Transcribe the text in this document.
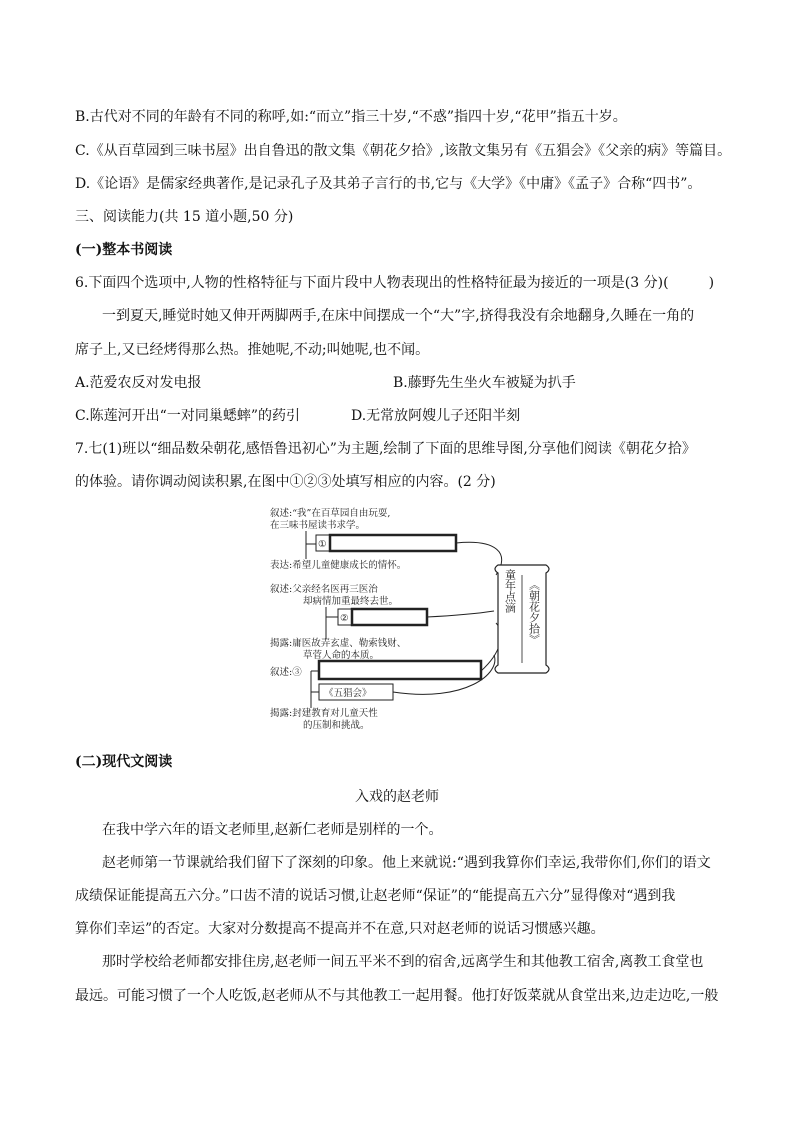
B.古代对不同的年龄有不同的称呼,如:“而立”指三十岁,“不惑”指四十岁,“花甲”指五十岁。
C.《从百草园到三味书屋》出自鲁迅的散文集《朝花夕拾》,该散文集另有《五猖会》《父亲的病》等篇目。
D.《论语》是儒家经典著作,是记录孔子及其弟子言行的书,它与《大学》《中庸》《孟子》合称“四书”。
三、阅读能力(共 15 道小题,50 分)
(一)整本书阅读
6.下面四个选项中,人物的性格特征与下面片段中人物表现出的性格特征最为接近的一项是(3 分)(	)
一到夏天,睡觉时她又伸开两脚两手,在床中间摆成一个“大”字,挤得我没有余地翻身,久睡在一角的
席子上,又已经烤得那么热。推她呢,不动;叫她呢,也不闻。
A.范爱农反对发电报	B.藤野先生坐火车被疑为扒手
C.陈莲河开出“一对同巢蟋蟀”的药引	D.无常放阿嫂儿子还阳半刻
7.七(1)班以“细品数朵朝花,感悟鲁迅初心”为主题,绘制了下面的思维导图,分享他们阅读《朝花夕拾》
的体验。请你调动阅读积累,在图中①②③处填写相应的内容。(2 分)
叙述:“我”在百草园自由玩耍,
在三味书屋读书求学。
①
表达:希望儿童健康成长的情怀。
叙述:父亲经名医再三医治
却病情加重最终去世。
②
揭露:庸医故弄玄虚、勒索钱财、
草菅人命的本质。
叙述:③
《五猖会》
揭露:封建教育对儿童天性
的压制和挑战。
童年点滴 《朝花夕拾》
(二)现代文阅读
入戏的赵老师
在我中学六年的语文老师里,赵新仁老师是别样的一个。
赵老师第一节课就给我们留下了深刻的印象。他上来就说:“遇到我算你们幸运,我带你们,你们的语文
成绩保证能提高五六分。”口齿不清的说话习惯,让赵老师“保证”的“能提高五六分”显得像对“遇到我
算你们幸运”的否定。大家对分数提高不提高并不在意,只对赵老师的说话习惯感兴趣。
那时学校给老师都安排住房,赵老师一间五平米不到的宿舍,远离学生和其他教工宿舍,离教工食堂也
最远。可能习惯了一个人吃饭,赵老师从不与其他教工一起用餐。他打好饭菜就从食堂出来,边走边吃,一般
